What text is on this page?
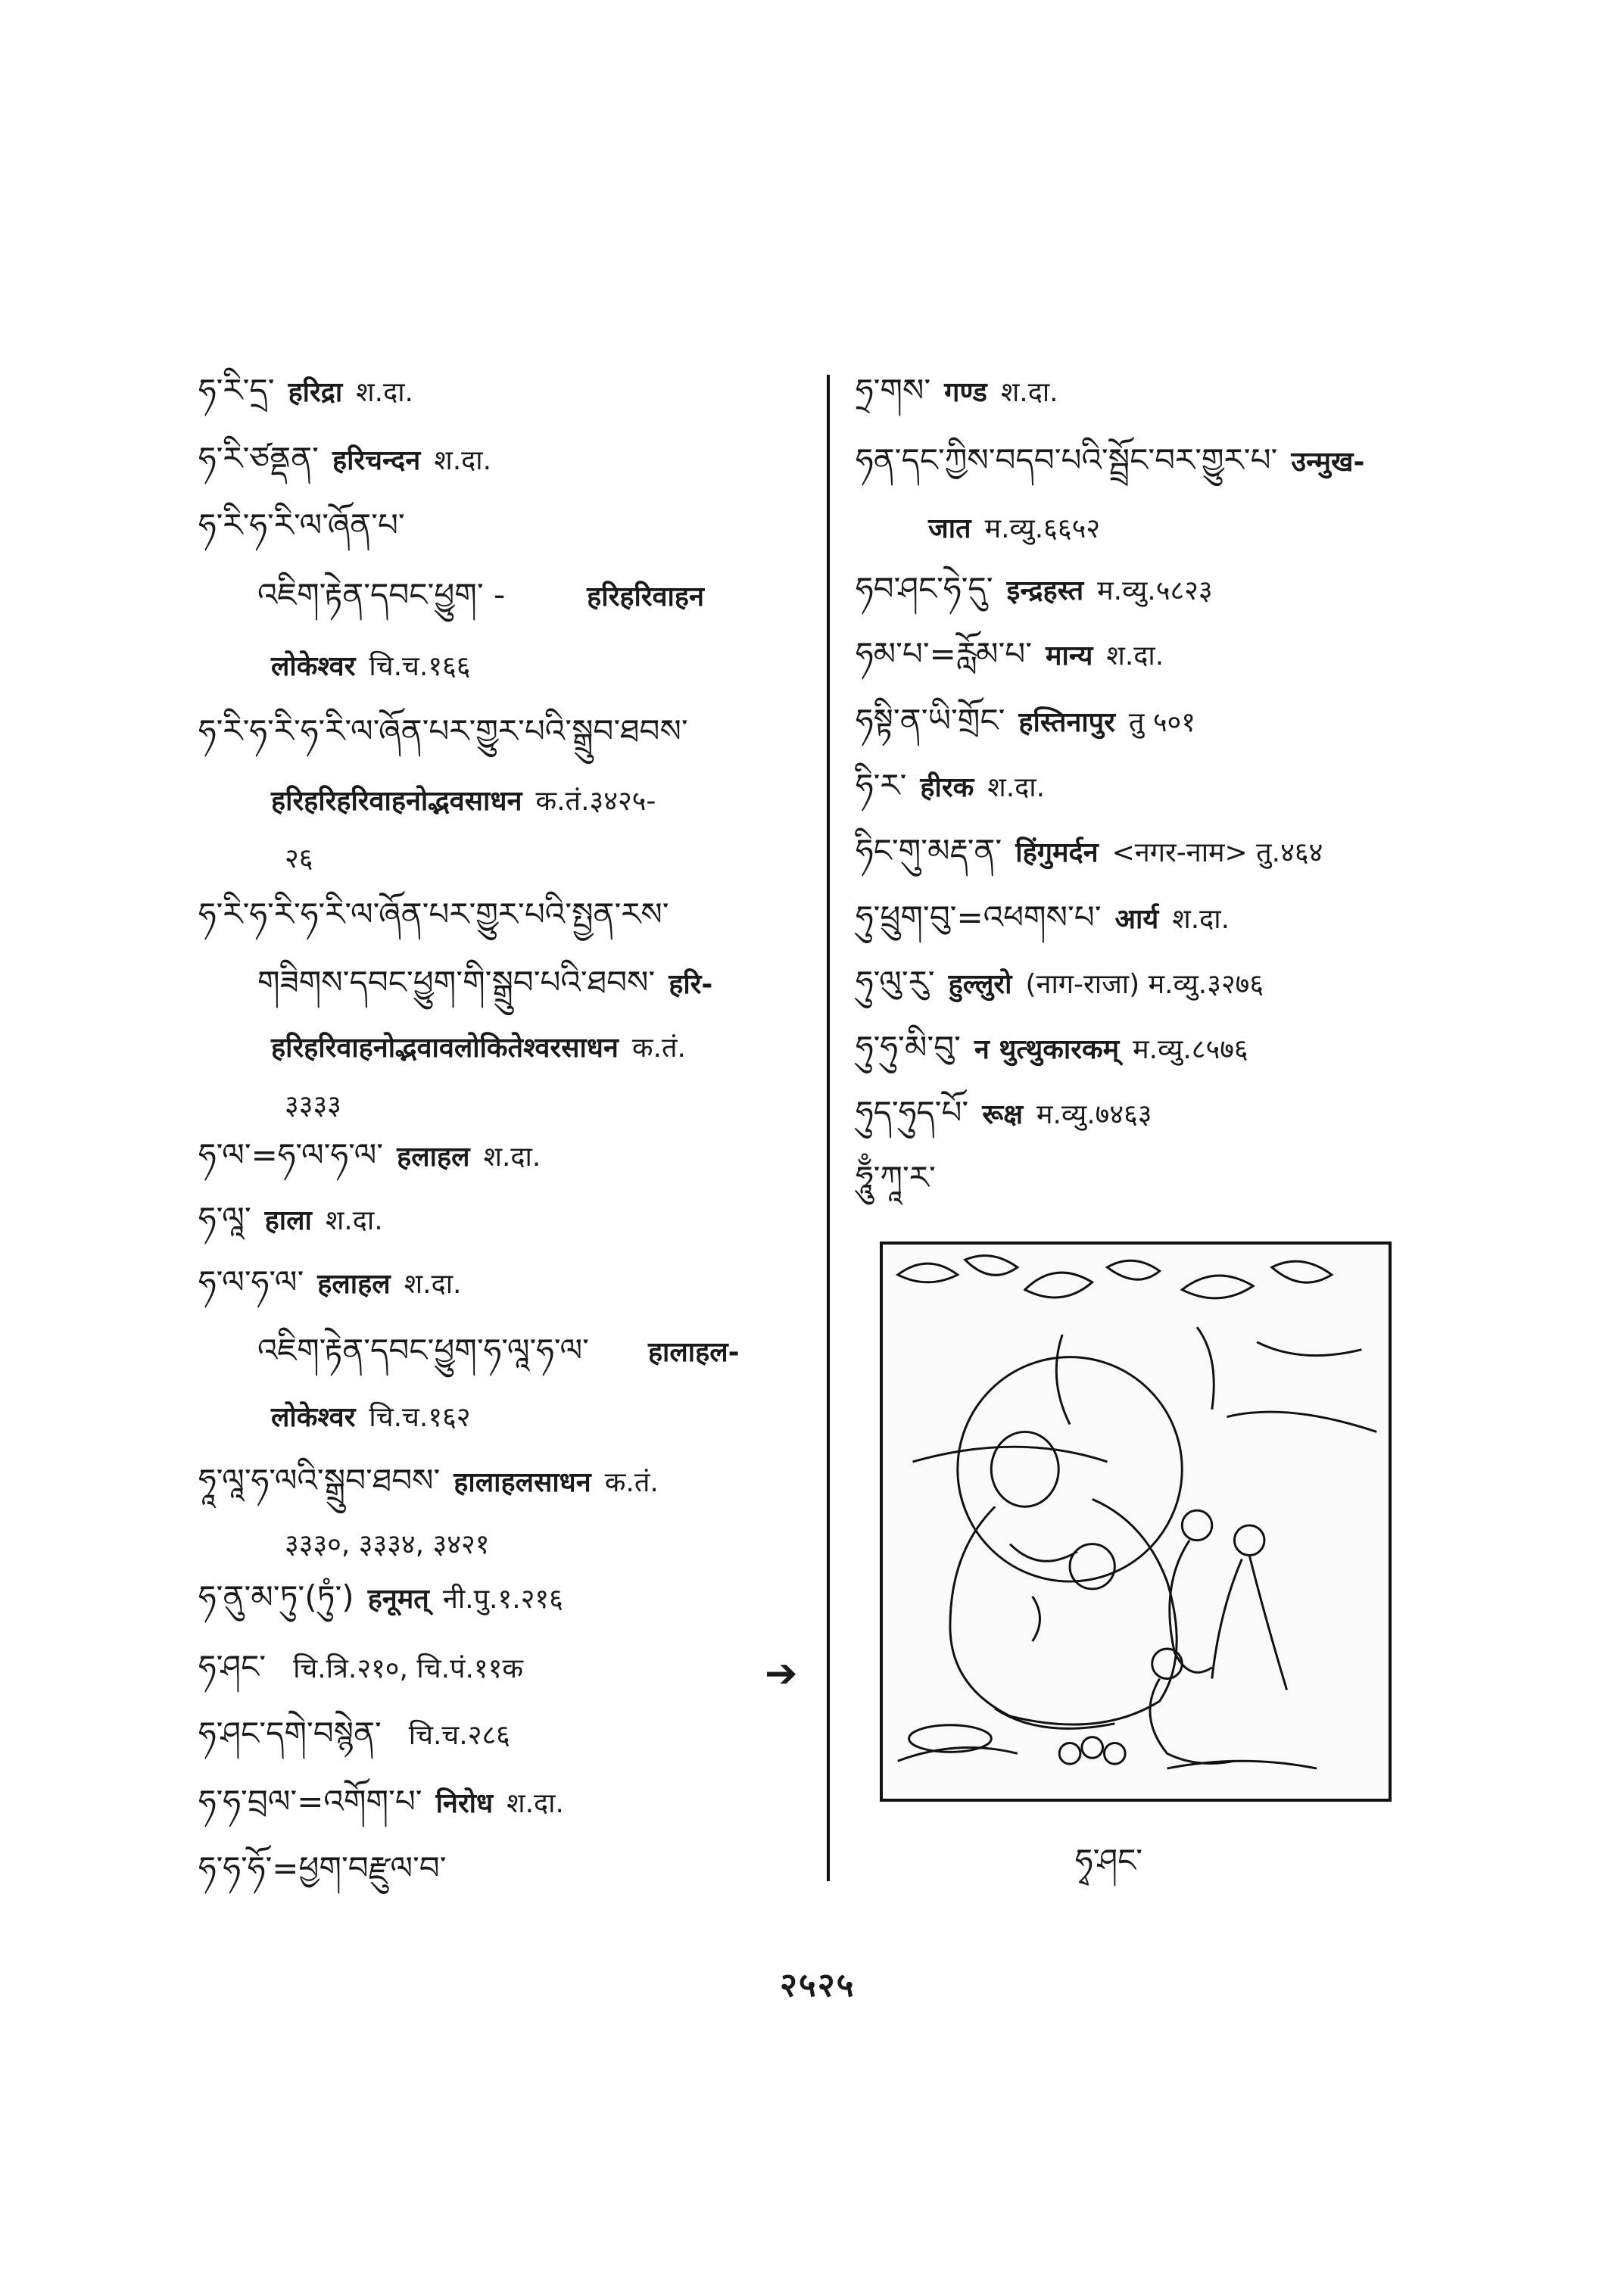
ཧ་རི་དྲ་ हरिद्रा श.दा.
ཧ་རི་ཙནྡན་ हरिचन्दन श.दा.
ཧ་རི་ཧ་རི་ལ་ཞོན་པ་
འཇིག་རྟེན་དབང་ཕྱུག་ -	हरिहरिवाहन
लोकेश्वर चि.च.१६६
ཧ་རི་ཧ་རི་ཧ་རི་ལ་ཞོན་པར་གྱུར་པའི་སྒྲུབ་ཐབས་
हरिहरिहरिवाहनोद्भवसाधन क.तं.३४२५-
२६
ཧ་རི་ཧ་རི་ཧ་རི་ལ་ཞོན་པར་གྱུར་པའི་སྤྱན་རས་
གཟིགས་དབང་ཕྱུག་གི་སྒྲུབ་པའི་ཐབས་ हरि-
हरिहरिवाहनोद्भवावलोकितेश्वरसाधन क.तं.
३३३३
ཧ་ལ་=ཧ་ལ་ཧ་ལ་ हलाहल श.दा.
ཧ་ལཱ་ हाला श.दा.
ཧ་ལ་ཧ་ལ་ हलाहल श.दा.
འཇིག་རྟེན་དབང་ཕྱུག་ཧ་ལཱ་ཧ་ལ་ हालाहल-
लोकेश्वर चि.च.१६२
ཧཱ་ལཱ་ཧ་ལའི་སྒྲུབ་ཐབས་ हालाहलसाधन क.तं.
३३३०, ३३३४, ३४२१
ཧ་ནུ་མ་ཏུ་(ཏུཾ་) हनूमत् नी.पु.१.२१६
ཧ་ཤང་ चि.त्रि.२१०, चि.पं.११क
ཧ་ཤང་དགེ་བསྙེན་ चि.च.२८६
ཧ་ཧ་བྲལ་=འགོག་པ་ निरोध श.दा.
ཧ་ཧ་ཧོ་=ཕྱག་བརྫུལ་བ་
ཧྲ་གས་ गण्ड श.दा.
ཧན་དང་ཀྱིས་བདབ་པའི་སྦྲོང་བར་གྱུར་པ་ उन्मुख-
जात म.व्यु.६६५२
ཧབ་ཤང་ཧེ་དུ་ इन्द्रहस्त म.व्यु.५८२३
ཧམ་པ་=རློམ་པ་ मान्य श.दा.
ཧསྟི་ན་ཡི་གྲོང་ हस्तिनापुर तु ५०१
ཧི་ར་ हीरक श.दा.
ཧིང་གུ་མརྡ་ན་ हिंगुमर्दन <नगर-नाम> तु.४६४
ཧུ་ཕྲུག་བུ་=འཕགས་པ་ आर्य श.दा.
ཧུ་ལུ་རུ་ हुल्लुरो (नाग-राजा) म.व्यु.३२७६
ཧུ་ཧུ་མི་བུ་ न थुत्थुकारकम् म.व्यु.८५७६
ཧུད་ཧུད་པོ་ रूक्ष म.व्यु.७४६३
ཧཱུྃ་ཀཱ་ར་
➔
ཧྭ་ཤང་
२५२५
